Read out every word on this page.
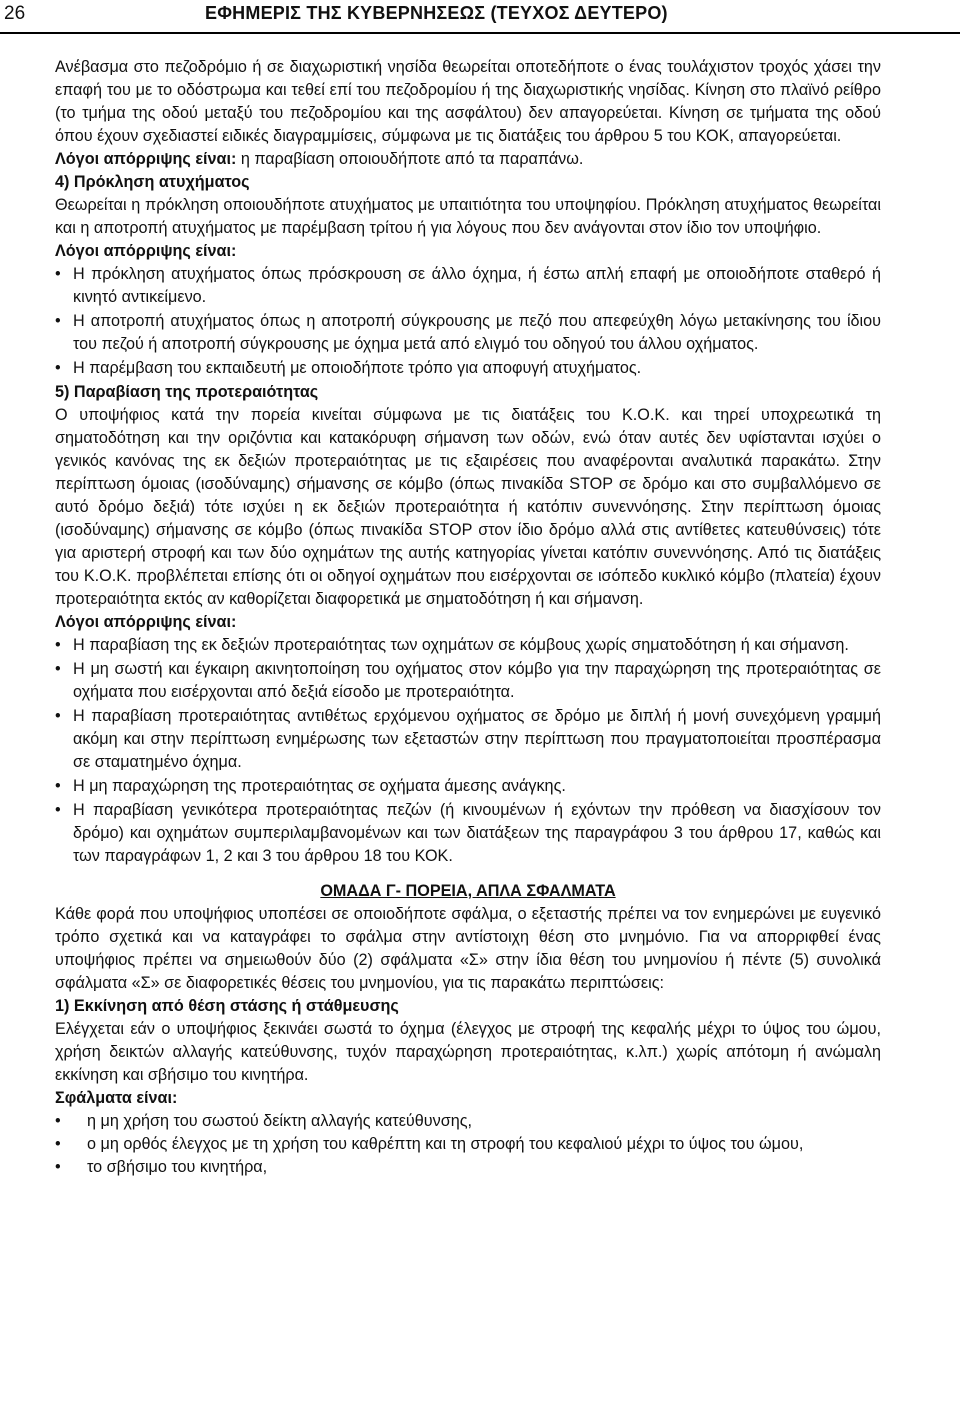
26	ΕΦΗΜΕΡΙΣ ΤΗΣ ΚΥΒΕΡΝΗΣΕΩΣ (ΤΕΥΧΟΣ ΔΕΥΤΕΡΟ)

Ανέβασμα στο πεζοδρόμιο ή σε διαχωριστική νησίδα θεωρείται οποτεδήποτε ο ένας τουλάχιστον τροχός χάσει την επαφή του με το οδόστρωμα και τεθεί επί του πεζοδρομίου ή της διαχωριστικής νησίδας. Κίνηση στο πλαϊνό ρείθρο (το τμήμα της οδού μεταξύ του πεζοδρομίου και της ασφάλτου) δεν απαγορεύεται. Κίνηση σε τμήματα της οδού όπου έχουν σχεδιαστεί ειδικές διαγραμμίσεις, σύμφωνα με τις διατάξεις του άρθρου 5 του ΚΟΚ, απαγορεύεται.

Λόγοι απόρριψης είναι: η παραβίαση οποιουδήποτε από τα παραπάνω.

4) Πρόκληση ατυχήματος

Θεωρείται η πρόκληση οποιουδήποτε ατυχήματος με υπαιτιότητα του υποψηφίου. Πρόκληση ατυχήματος θεωρείται και η αποτροπή ατυχήματος με παρέμβαση τρίτου ή για λόγους που δεν ανάγονται στον ίδιο τον υποψήφιο.

Λόγοι απόρριψης είναι:

• Η πρόκληση ατυχήματος όπως πρόσκρουση σε άλλο όχημα, ή έστω απλή επαφή με οποιοδήποτε σταθερό ή κινητό αντικείμενο.
• Η αποτροπή ατυχήματος όπως η αποτροπή σύγκρουσης με πεζό που απεφεύχθη λόγω μετακίνησης του ίδιου του πεζού ή αποτροπή σύγκρουσης με όχημα μετά από ελιγμό του οδηγού του άλλου οχήματος.
• Η παρέμβαση του εκπαιδευτή με οποιοδήποτε τρόπο για αποφυγή ατυχήματος.

5) Παραβίαση της προτεραιότητας

Ο υποψήφιος κατά την πορεία κινείται σύμφωνα με τις διατάξεις του Κ.Ο.Κ. και τηρεί υποχρεωτικά τη σηματοδότηση και την οριζόντια και κατακόρυφη σήμανση των οδών, ενώ όταν αυτές δεν υφίστανται ισχύει ο γενικός κανόνας της εκ δεξιών προτεραιότητας με τις εξαιρέσεις που αναφέρονται αναλυτικά παρακάτω. Στην περίπτωση όμοιας (ισοδύναμης) σήμανσης σε κόμβο (όπως πινακίδα STOP σε δρόμο και στο συμβαλλόμενο σε αυτό δρόμο δεξιά) τότε ισχύει η εκ δεξιών προτεραιότητα ή κατόπιν συνεννόησης. Στην περίπτωση όμοιας (ισοδύναμης) σήμανσης σε κόμβο (όπως πινακίδα STOP στον ίδιο δρόμο αλλά στις αντίθετες κατευθύνσεις) τότε για αριστερή στροφή και των δύο οχημάτων της αυτής κατηγορίας γίνεται κατόπιν συνεννόησης. Από τις διατάξεις του Κ.Ο.Κ. προβλέπεται επίσης ότι οι οδηγοί οχημάτων που εισέρχονται σε ισόπεδο κυκλικό κόμβο (πλατεία) έχουν προτεραιότητα εκτός αν καθορίζεται διαφορετικά με σηματοδότηση ή και σήμανση.

Λόγοι απόρριψης είναι:

• Η παραβίαση της εκ δεξιών προτεραιότητας των οχημάτων σε κόμβους χωρίς σηματοδότηση ή και σήμανση.
• Η μη σωστή και έγκαιρη ακινητοποίηση του οχήματος στον κόμβο για την παραχώρηση της προτεραιότητας σε οχήματα που εισέρχονται από δεξιά είσοδο με προτεραιότητα.
• Η παραβίαση προτεραιότητας αντιθέτως ερχόμενου οχήματος σε δρόμο με διπλή ή μονή συνεχόμενη γραμμή ακόμη και στην περίπτωση ενημέρωσης των εξεταστών στην περίπτωση που πραγματοποιείται προσπέρασμα σε σταματημένο όχημα.
• Η μη παραχώρηση της προτεραιότητας σε οχήματα άμεσης ανάγκης.
• Η παραβίαση γενικότερα προτεραιότητας πεζών (ή κινουμένων ή εχόντων την πρόθεση να διασχίσουν τον δρόμο) και οχημάτων συμπεριλαμβανομένων και των διατάξεων της παραγράφου 3 του άρθρου 17, καθώς και των παραγράφων 1, 2 και 3 του άρθρου 18 του ΚΟΚ.

ΟΜΑΔΑ Γ- ΠΟΡΕΙΑ, ΑΠΛΑ ΣΦΑΛΜΑΤΑ

Κάθε φορά που υποψήφιος υποπέσει σε οποιοδήποτε σφάλμα, ο εξεταστής πρέπει να τον ενημερώνει με ευγενικό τρόπο σχετικά και να καταγράφει το σφάλμα στην αντίστοιχη θέση στο μνημόνιο. Για να απορριφθεί ένας υποψήφιος πρέπει να σημειωθούν δύο (2) σφάλματα «Σ» στην ίδια θέση του μνημονίου ή πέντε (5) συνολικά σφάλματα «Σ» σε διαφορετικές θέσεις του μνημονίου, για τις παρακάτω περιπτώσεις:

1) Εκκίνηση από θέση στάσης ή στάθμευσης

Ελέγχεται εάν ο υποψήφιος ξεκινάει σωστά το όχημα (έλεγχος με στροφή της κεφαλής μέχρι το ύψος του ώμου, χρήση δεικτών αλλαγής κατεύθυνσης, τυχόν παραχώρηση προτεραιότητας, κ.λπ.) χωρίς απότομη ή ανώμαλη εκκίνηση και σβήσιμο του κινητήρα.

Σφάλματα είναι:

• η μη χρήση του σωστού δείκτη αλλαγής κατεύθυνσης,
• ο μη ορθός έλεγχος με τη χρήση του καθρέπτη και τη στροφή του κεφαλιού μέχρι το ύψος του ώμου,
• το σβήσιμο του κινητήρα,
